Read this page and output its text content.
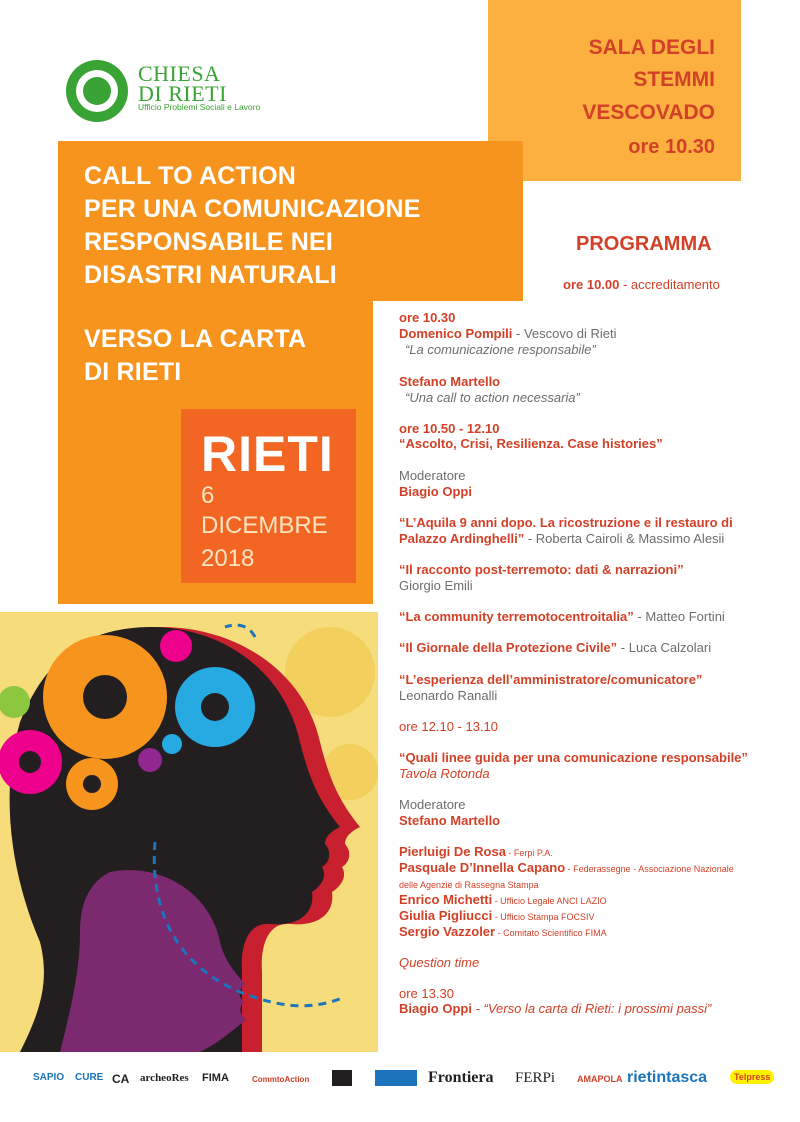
CHIESA
DI RIETI
Ufficio Problemi Sociali e Lavoro
SALA DEGLI
STEMMI
VESCOVADO
ore 10.30
CALL TO ACTION
PER UNA COMUNICAZIONE
RESPONSABILE NEI
DISASTRI NATURALI
VERSO LA CARTA
DI RIETI
RIETI
6
DICEMBRE
2018
PROGRAMMA
ore 10.00 - accreditamento
ore 10.30
Domenico Pompili - Vescovo di Rieti
“La comunicazione responsabile”
Stefano Martello
“Una call to action necessaria”
ore 10.50 - 12.10
“Ascolto, Crisi, Resilienza. Case histories”
Moderatore
Biagio Oppi
“L’Aquila 9 anni dopo. La ricostruzione e il restauro di
Palazzo Ardinghelli” - Roberta Cairoli & Massimo Alesii
“Il racconto post-terremoto: dati & narrazioni”
Giorgio Emili
“La community terremotocentroitalia” - Matteo Fortini
“Il Giornale della Protezione Civile” - Luca Calzolari
“L’esperienza dell’amministratore/comunicatore”
Leonardo Ranalli
ore 12.10 - 13.10
“Quali linee guida per una comunicazione responsabile”
Tavola Rotonda
Moderatore
Stefano Martello
Pierluigi De Rosa - Ferpi P.A.
Pasquale D’Innella Capano - Federassegne - Associazione Nazionale
delle Agenzie di Rassegna Stampa
Enrico Michetti - Ufficio Legale ANCI LAZIO
Giulia Pigliucci - Ufficio Stampa FOCSIV
Sergio Vazzoler - Comitato Scientifico FIMA
Question time
ore 13.30
Biagio Oppi - “Verso la carta di Rieti: i prossimi passi”
SAPIO CURE CA archeoRes FIMA	CommtoAction	Frontiera FERPi AMAPOLA rietintasca	Telpress
